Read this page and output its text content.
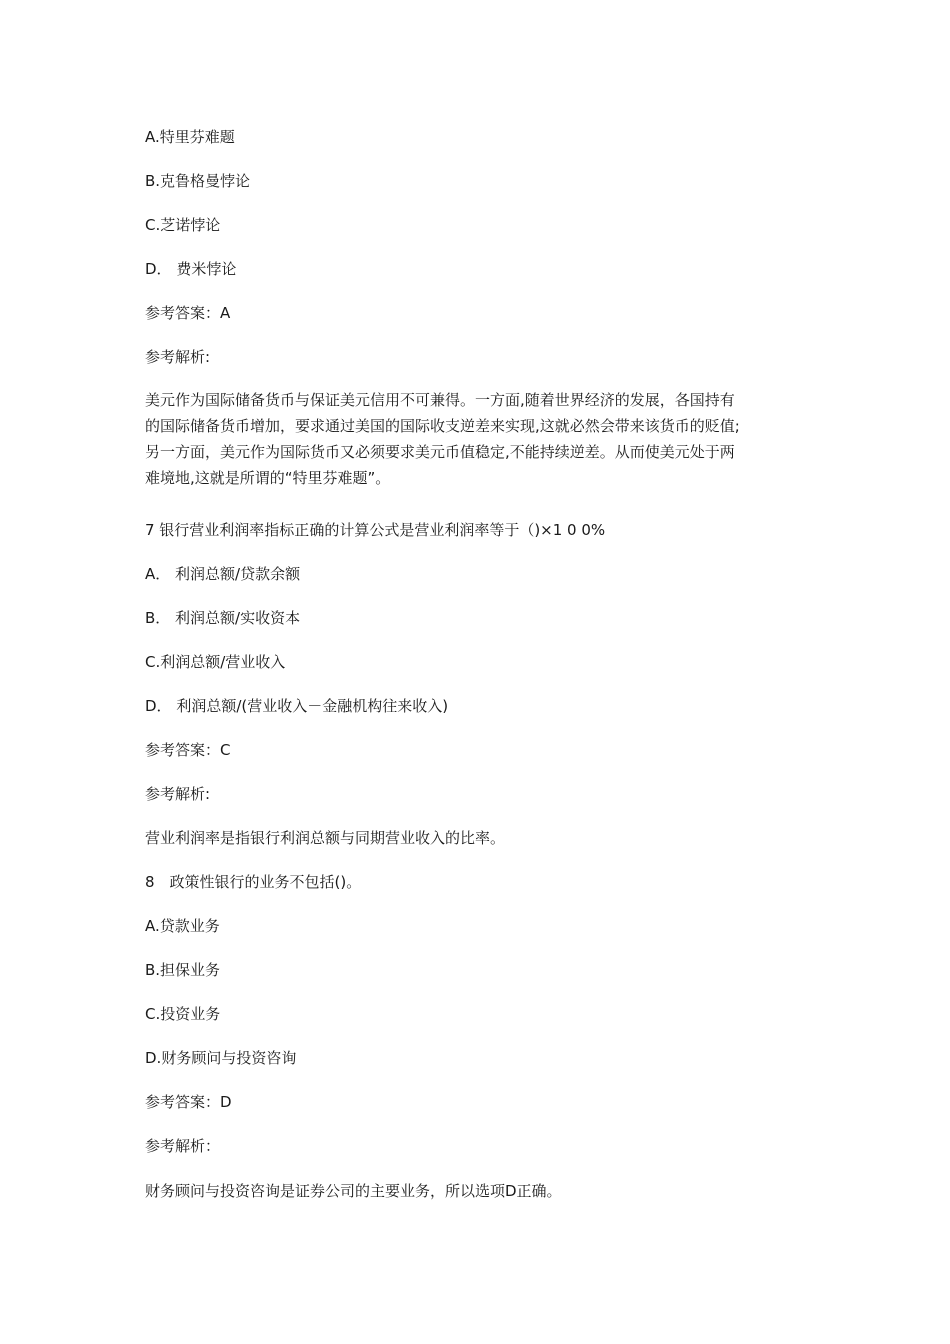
A.特里芬难题
B.克鲁格曼悖论
C.芝诺悖论
D． 费米悖论
参考答案：A
参考解析:
美元作为国际储备货币与保证美元信用不可兼得。一方面,随着世界经济的发展，各国持有
的国际储备货币增加，要求通过美国的国际收支逆差来实现,这就必然会带来该货币的贬值;
另一方面，美元作为国际货币又必须要求美元币值稳定,不能持续逆差。从而使美元处于两
难境地,这就是所谓的“特里芬难题”。
7 银行营业利润率指标正确的计算公式是营业利润率等于（)×1 0 0%
A． 利润总额/贷款余额
B． 利润总额/实收资本
C.利润总额/营业收入
D． 利润总额/(营业收入－金融机构往来收入)
参考答案：C
参考解析:
营业利润率是指银行利润总额与同期营业收入的比率。
8　政策性银行的业务不包括()。
A.贷款业务
B.担保业务
C.投资业务
D.财务顾问与投资咨询
参考答案：D
参考解析：
财务顾问与投资咨询是证券公司的主要业务，所以选项D正确。
